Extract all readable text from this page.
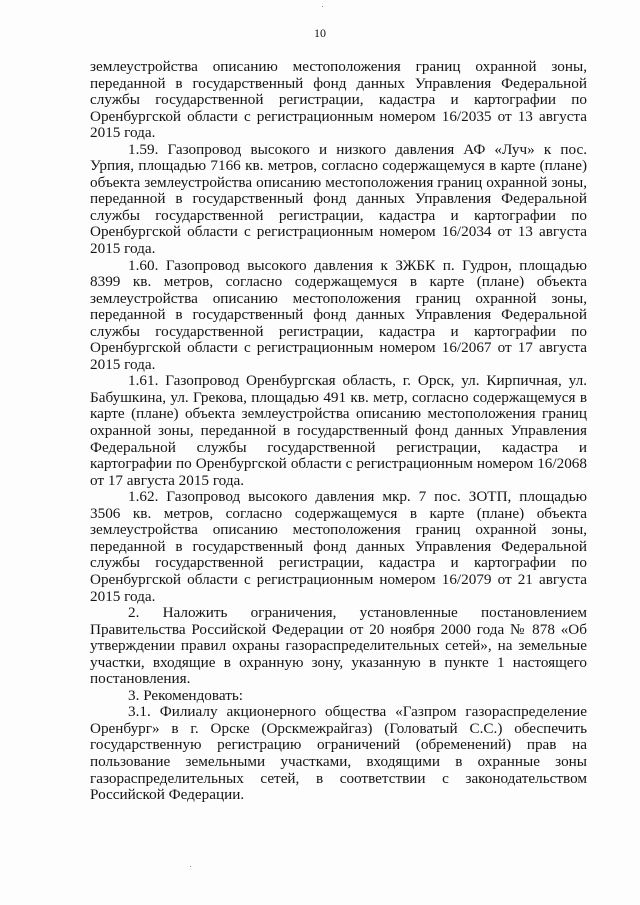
10

землеустройства описанию местоположения границ охранной зоны, переданной в государственный фонд данных Управления Федеральной службы государственной регистрации, кадастра и картографии по Оренбургской области с регистрационным номером 16/2035 от 13 августа 2015 года.

1.59. Газопровод высокого и низкого давления АФ «Луч» к пос. Урпия, площадью 7166 кв. метров, согласно содержащемуся в карте (плане) объекта землеустройства описанию местоположения границ охранной зоны, переданной в государственный фонд данных Управления Федеральной службы государственной регистрации, кадастра и картографии по Оренбургской области с регистрационным номером 16/2034 от 13 августа 2015 года.

1.60. Газопровод высокого давления к ЗЖБК п. Гудрон, площадью 8399 кв. метров, согласно содержащемуся в карте (плане) объекта землеустройства описанию местоположения границ охранной зоны, переданной в государственный фонд данных Управления Федеральной службы государственной регистрации, кадастра и картографии по Оренбургской области с регистрационным номером 16/2067 от 17 августа 2015 года.

1.61. Газопровод Оренбургская область, г. Орск, ул. Кирпичная, ул. Бабушкина, ул. Грекова, площадью 491 кв. метр, согласно содержащемуся в карте (плане) объекта землеустройства описанию местоположения границ охранной зоны, переданной в государственный фонд данных Управления Федеральной службы государственной регистрации, кадастра и картографии по Оренбургской области с регистрационным номером 16/2068 от 17 августа 2015 года.

1.62. Газопровод высокого давления мкр. 7 пос. ЗОТП, площадью 3506 кв. метров, согласно содержащемуся в карте (плане) объекта землеустройства описанию местоположения границ охранной зоны, переданной в государственный фонд данных Управления Федеральной службы государственной регистрации, кадастра и картографии по Оренбургской области с регистрационным номером 16/2079 от 21 августа 2015 года.

2. Наложить ограничения, установленные постановлением Правительства Российской Федерации от 20 ноября 2000 года № 878 «Об утверждении правил охраны газораспределительных сетей», на земельные участки, входящие в охранную зону, указанную в пункте 1 настоящего постановления.

3. Рекомендовать:

3.1. Филиалу акционерного общества «Газпром газораспределение Оренбург» в г. Орске (Орскмежрайгаз) (Головатый С.С.) обеспечить государственную регистрацию ограничений (обременений) прав на пользование земельными участками, входящими в охранные зоны газораспределительных сетей, в соответствии с законодательством Российской Федерации.
